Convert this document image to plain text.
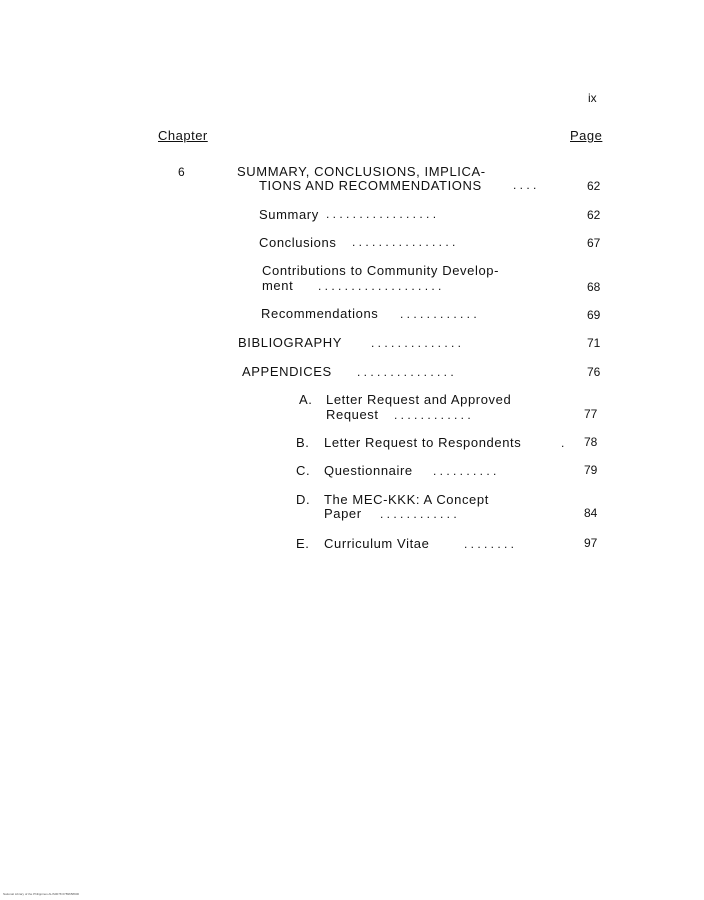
ix
Chapter	Page
6	SUMMARY, CONCLUSIONS, IMPLICA-
TIONS AND RECOMMENDATIONS	. . . .	62
Summary . . . . . . . . . . . . . . . . .	62
Conclusions . . . . . . . . . . . . . . . .	67
Contributions to Community Develop-
ment . . . . . . . . . . . . . . . . . . .	68
Recommendations . . . . . . . . . . . .	69
BIBLIOGRAPHY . . . . . . . . . . . . . .	71
APPENDICES . . . . . . . . . . . . . . .	76
A. Letter Request and Approved
Request . . . . . . . . . . . .	77
B. Letter Request to Respondents	. 78
C. Questionnaire . . . . . . . . . .	79
D. The MEC-KKK: A Concept
Paper . . . . . . . . . . . .	84
E. Curriculum Vitae	. . . . . . . .	97
National Library of the Philippines ALIS0078 0789658900
